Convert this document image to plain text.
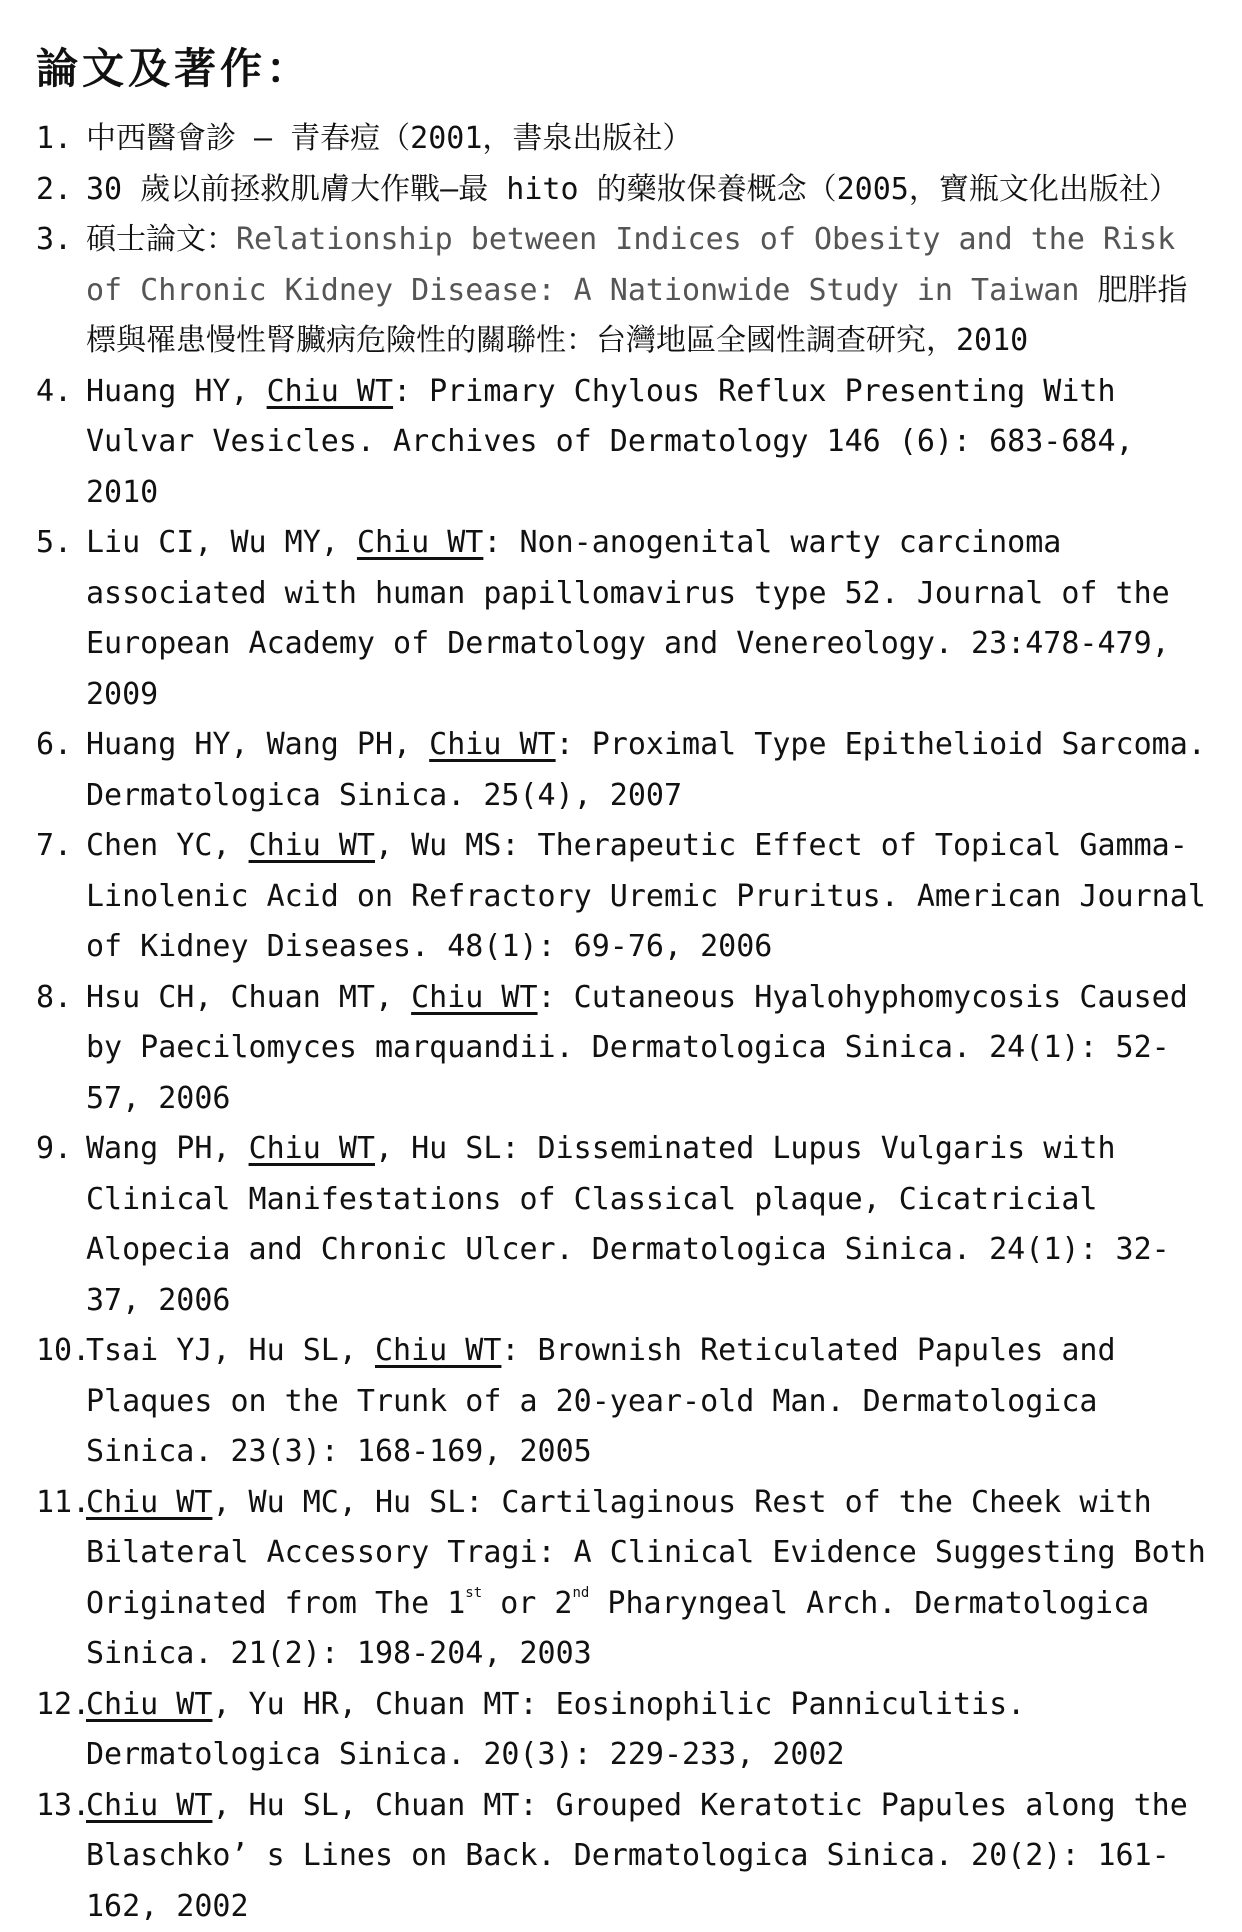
論文及著作：
1. 中西醫會診 – 青春痘（2001，書泉出版社）
2. 30 歲以前拯救肌膚大作戰–最 hito 的藥妝保養概念（2005，寶瓶文化出版社）
3. 碩士論文：Relationship between Indices of Obesity and the Risk of Chronic Kidney Disease: A Nationwide Study in Taiwan 肥胖指標與罹患慢性腎臟病危險性的關聯性：台灣地區全國性調查研究，2010
4. Huang HY, Chiu WT: Primary Chylous Reflux Presenting With Vulvar Vesicles. Archives of Dermatology 146 (6): 683-684, 2010
5. Liu CI, Wu MY, Chiu WT: Non-anogenital warty carcinoma associated with human papillomavirus type 52. Journal of the European Academy of Dermatology and Venereology. 23:478-479, 2009
6. Huang HY, Wang PH, Chiu WT: Proximal Type Epithelioid Sarcoma. Dermatologica Sinica. 25(4), 2007
7. Chen YC, Chiu WT, Wu MS: Therapeutic Effect of Topical Gamma-Linolenic Acid on Refractory Uremic Pruritus. American Journal of Kidney Diseases. 48(1): 69-76, 2006
8. Hsu CH, Chuan MT, Chiu WT: Cutaneous Hyalohyphomycosis Caused by Paecilomyces marquandii. Dermatologica Sinica. 24(1): 52-57, 2006
9. Wang PH, Chiu WT, Hu SL: Disseminated Lupus Vulgaris with Clinical Manifestations of Classical plaque, Cicatricial Alopecia and Chronic Ulcer. Dermatologica Sinica. 24(1): 32-37, 2006
10.
Tsai YJ, Hu SL, Chiu WT: Brownish Reticulated Papules and Plaques on the Trunk of a 20-year-old Man. Dermatologica Sinica. 23(3): 168-169, 2005
11.
Chiu WT, Wu MC, Hu SL: Cartilaginous Rest of the Cheek with Bilateral Accessory Tragi: A Clinical Evidence Suggesting Both Originated from The 1st or 2nd Pharyngeal Arch. Dermatologica Sinica. 21(2): 198-204, 2003
12.
Chiu WT, Yu HR, Chuan MT: Eosinophilic Panniculitis. Dermatologica Sinica. 20(3): 229-233, 2002
13.
Chiu WT, Hu SL, Chuan MT: Grouped Keratotic Papules along the Blaschko’ s Lines on Back. Dermatologica Sinica. 20(2): 161-162, 2002
